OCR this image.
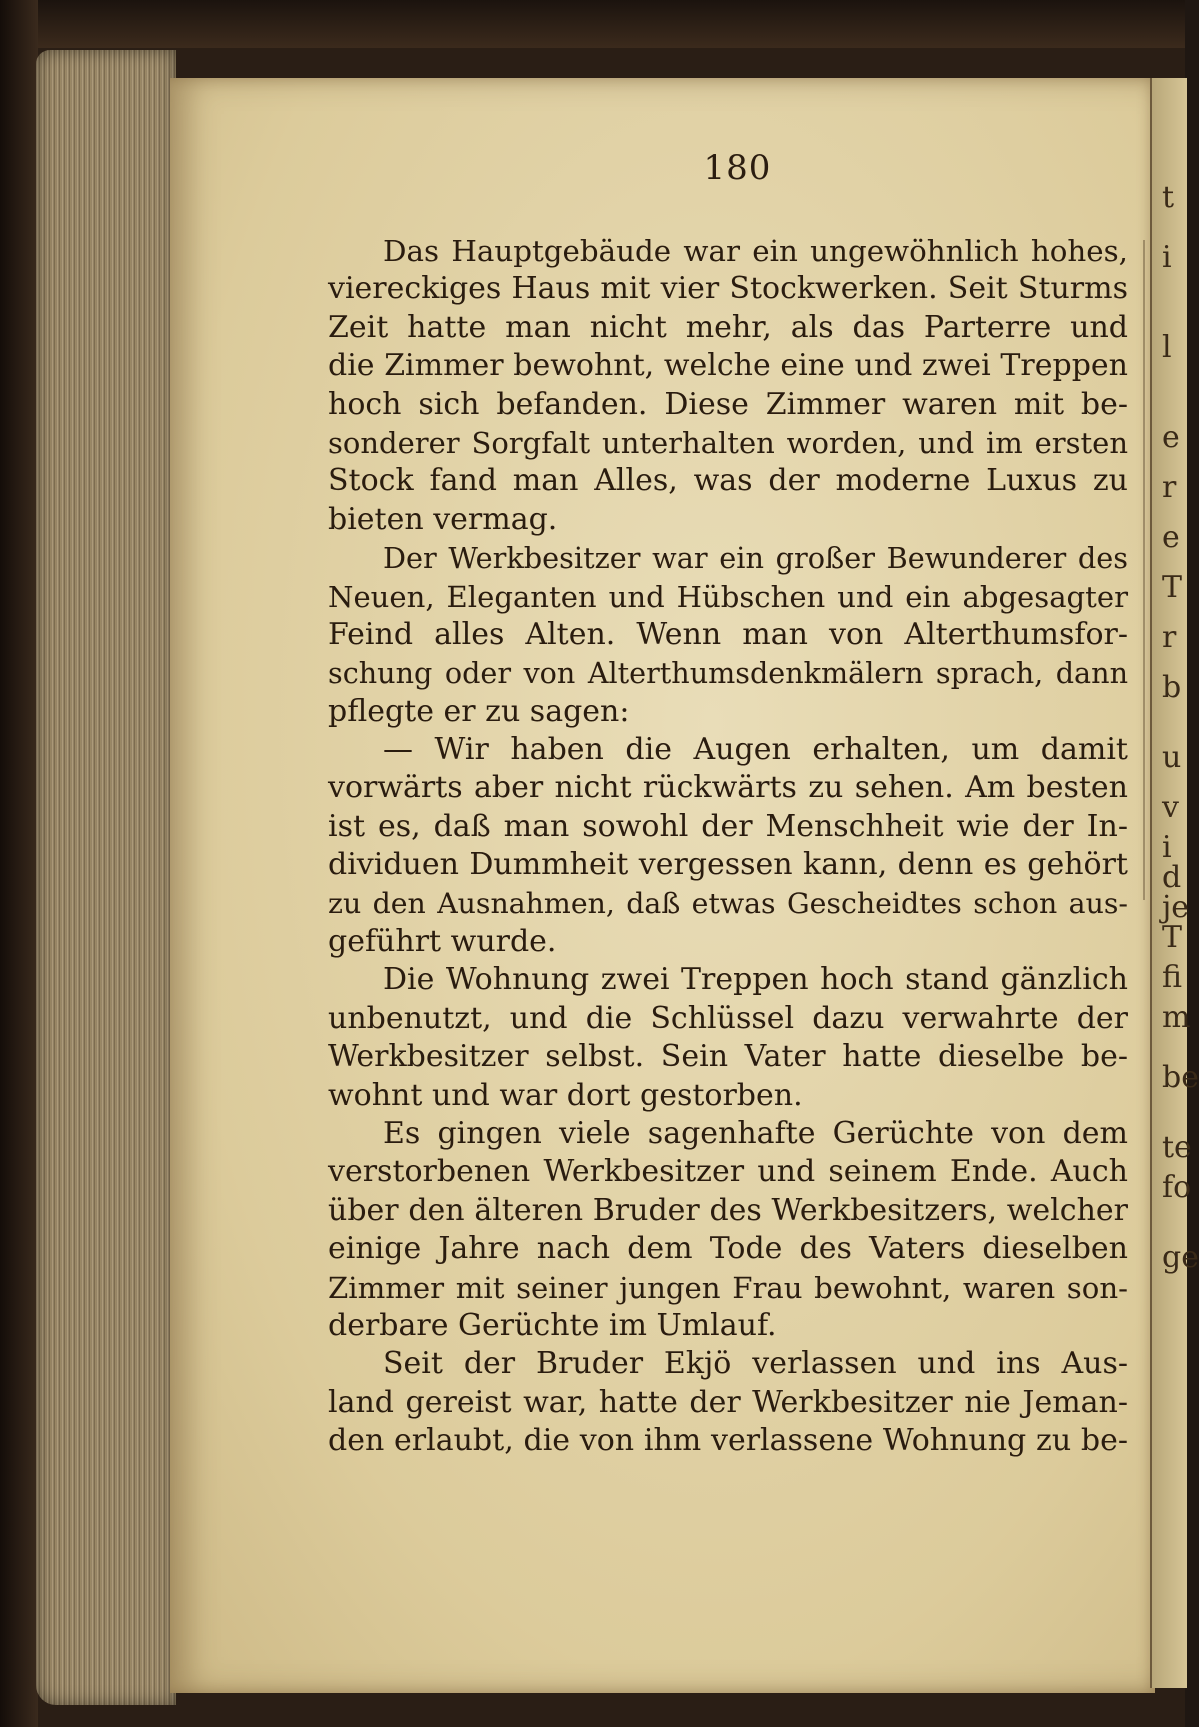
t
i
l
e
r
e
T
r
b
u
v
i
d
je
T
fi
m
be
te
fo
ge
180
Das Hauptgebäude war ein ungewöhnlich hohes,
viereckiges Haus mit vier Stockwerken. Seit Sturms
Zeit hatte man nicht mehr, als das Parterre und
die Zimmer bewohnt, welche eine und zwei Treppen
hoch sich befanden. Diese Zimmer waren mit be-
sonderer Sorgfalt unterhalten worden, und im ersten
Stock fand man Alles, was der moderne Luxus zu
bieten vermag.
Der Werkbesitzer war ein großer Bewunderer des
Neuen, Eleganten und Hübschen und ein abgesagter
Feind alles Alten. Wenn man von Alterthumsfor-
schung oder von Alterthumsdenkmälern sprach, dann
pflegte er zu sagen:
— Wir haben die Augen erhalten, um damit
vorwärts aber nicht rückwärts zu sehen. Am besten
ist es, daß man sowohl der Menschheit wie der In-
dividuen Dummheit vergessen kann, denn es gehört
zu den Ausnahmen, daß etwas Gescheidtes schon aus-
geführt wurde.
Die Wohnung zwei Treppen hoch stand gänzlich
unbenutzt, und die Schlüssel dazu verwahrte der
Werkbesitzer selbst. Sein Vater hatte dieselbe be-
wohnt und war dort gestorben.
Es gingen viele sagenhafte Gerüchte von dem
verstorbenen Werkbesitzer und seinem Ende. Auch
über den älteren Bruder des Werkbesitzers, welcher
einige Jahre nach dem Tode des Vaters dieselben
Zimmer mit seiner jungen Frau bewohnt, waren son-
derbare Gerüchte im Umlauf.
Seit der Bruder Ekjö verlassen und ins Aus-
land gereist war, hatte der Werkbesitzer nie Jeman-
den erlaubt, die von ihm verlassene Wohnung zu be-
